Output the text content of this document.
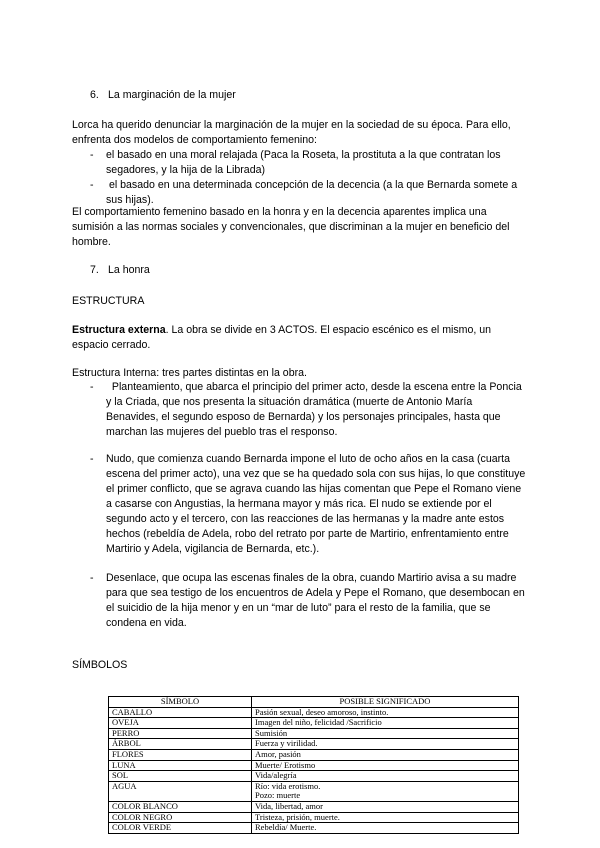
6. La marginación de la mujer
Lorca ha querido denunciar la marginación de la mujer en la sociedad de su época. Para ello, enfrenta dos modelos de comportamiento femenino:
- el basado en una moral relajada (Paca la Roseta, la prostituta a la que contratan los segadores, y la hija de la Librada)
- el basado en una determinada concepción de la decencia (a la que Bernarda somete a sus hijas).
El comportamiento femenino basado en la honra y en la decencia aparentes implica una sumisión a las normas sociales y convencionales, que discriminan a la mujer en beneficio del hombre.
7. La honra
ESTRUCTURA
Estructura externa. La obra se divide en 3 ACTOS. El espacio escénico es el mismo, un espacio cerrado.
Estructura Interna: tres partes distintas en la obra.
- Planteamiento, que abarca el principio del primer acto, desde la escena entre la Poncia y la Criada, que nos presenta la situación dramática (muerte de Antonio María Benavides, el segundo esposo de Bernarda) y los personajes principales, hasta que marchan las mujeres del pueblo tras el responso.
- Nudo, que comienza cuando Bernarda impone el luto de ocho años en la casa (cuarta escena del primer acto), una vez que se ha quedado sola con sus hijas, lo que constituye el primer conflicto, que se agrava cuando las hijas comentan que Pepe el Romano viene a casarse con Angustias, la hermana mayor y más rica. El nudo se extiende por el segundo acto y el tercero, con las reacciones de las hermanas y la madre ante estos hechos (rebeldía de Adela, robo del retrato por parte de Martirio, enfrentamiento entre Martirio y Adela, vigilancia de Bernarda, etc.).
- Desenlace, que ocupa las escenas finales de la obra, cuando Martirio avisa a su madre para que sea testigo de los encuentros de Adela y Pepe el Romano, que desembocan en el suicidio de la hija menor y en un “mar de luto” para el resto de la familia, que se condena en vida.
SÍMBOLOS
SÍMBOLO	POSIBLE SIGNIFICADO
CABALLO	Pasión sexual, deseo amoroso, instinto.
OVEJA	Imagen del niño, felicidad /Sacrificio
PERRO	Sumisión
ÁRBOL	Fuerza y virilidad.
FLORES	Amor, pasión
LUNA	Muerte/ Erotismo
SOL	Vida/alegría
AGUA	Río: vida erotismo.
Pozo: muerte

COLOR BLANCO	Vida, libertad, amor
COLOR NEGRO	Tristeza, prisión, muerte.
COLOR VERDE	Rebeldía/ Muerte.
